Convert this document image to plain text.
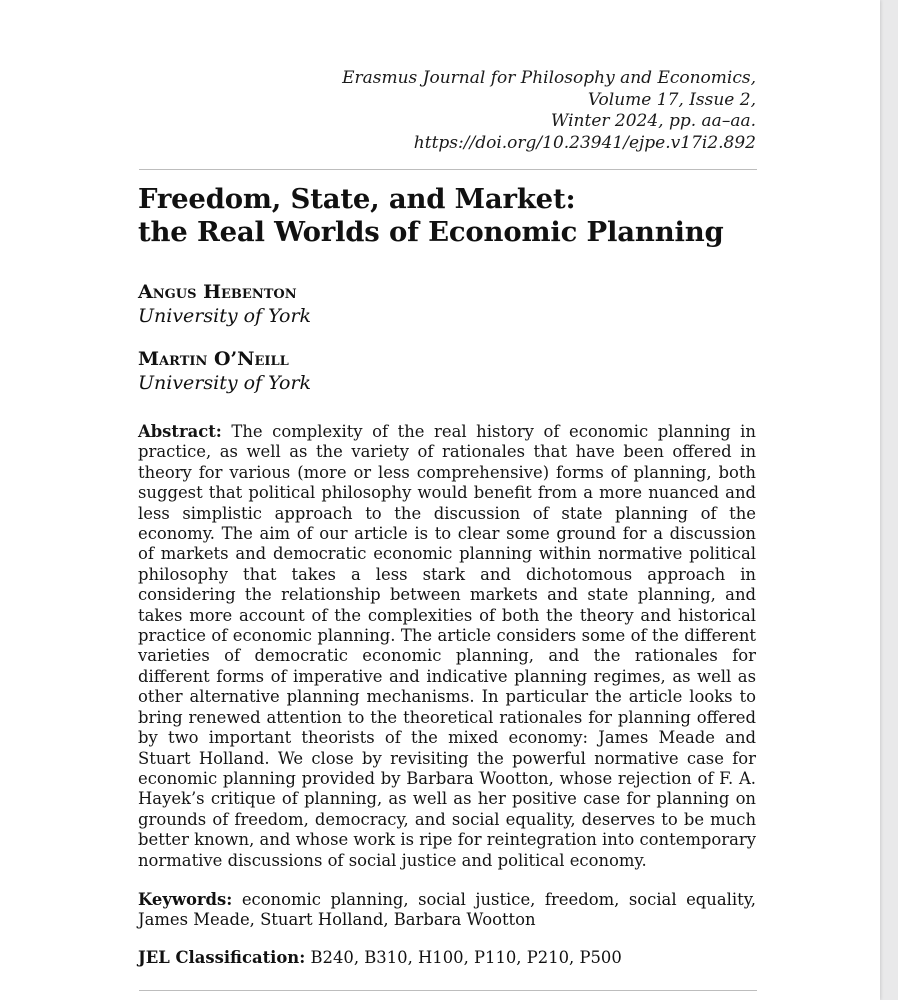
Erasmus Journal for Philosophy and Economics,
Volume 17, Issue 2,
Winter 2024, pp. aa–aa.
https://doi.org/10.23941/ejpe.v17i2.892
Freedom, State, and Market:
the Real Worlds of Economic Planning
Angus Hebenton
University of York
Martin O’Neill
University of York

Abstract: The complexity of the real history of economic planning in practice, as well as the variety of rationales that have been offered in theory for various (more or less comprehensive) forms of planning, both suggest that political philosophy would benefit from a more nuanced and less simplistic approach to the discussion of state planning of the economy. The aim of our article is to clear some ground for a discussion of markets and democratic economic planning within normative political philosophy that takes a less stark and dichotomous approach in considering the relationship between markets and state planning, and takes more account of the complexities of both the theory and historical practice of economic planning. The article considers some of the different varieties of democratic economic planning, and the rationales for different forms of imperative and indicative planning regimes, as well as other alternative planning mechanisms. In particular the article looks to bring renewed attention to the theoretical rationales for planning offered by two important theorists of the mixed economy: James Meade and Stuart Holland. We close by revisiting the powerful normative case for economic planning provided by Barbara Wootton, whose rejection of F. A. Hayek’s critique of planning, as well as her positive case for planning on grounds of freedom, democracy, and social equality, deserves to be much better known, and whose work is ripe for reintegration into contemporary normative discussions of social justice and political economy.

Keywords: economic planning, social justice, freedom, social equality, James Meade, Stuart Holland, Barbara Wootton

JEL Classification: B240, B310, H100, P110, P210, P500
